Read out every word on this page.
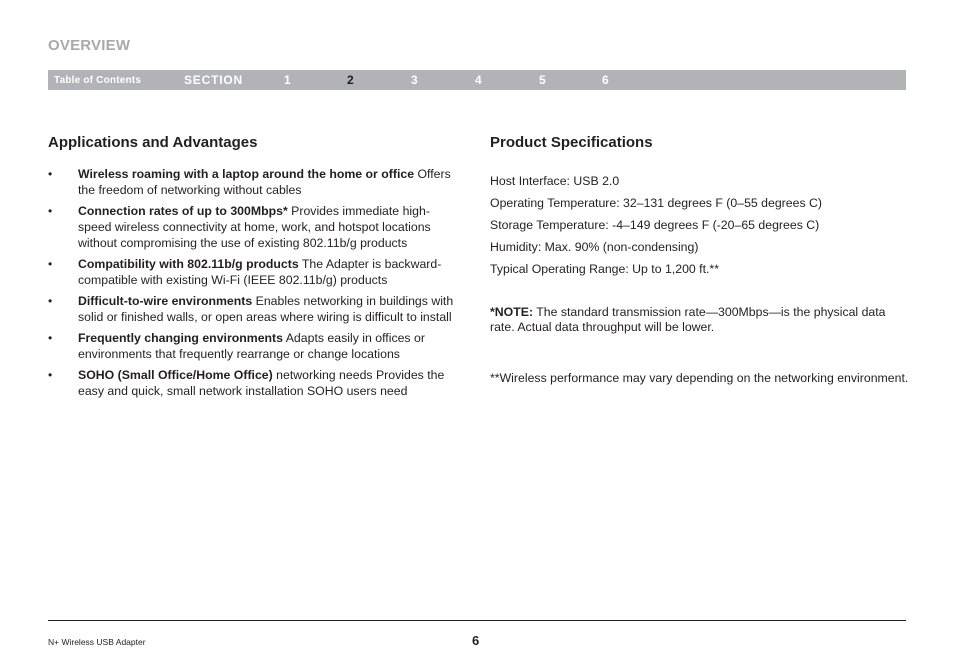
OVERVIEW
Table of Contents	SECTION	1	2	3	4	5	6
Applications and Advantages
• Wireless roaming with a laptop around the home or office Offers the freedom of networking without cables
• Connection rates of up to 300Mbps* Provides immediate high-speed wireless connectivity at home, work, and hotspot locations without compromising the use of existing 802.11b/g products
• Compatibility with 802.11b/g products The Adapter is backward-compatible with existing Wi-Fi (IEEE 802.11b/g) products
• Difficult-to-wire environments Enables networking in buildings with solid or finished walls, or open areas where wiring is difficult to install
• Frequently changing environments Adapts easily in offices or environments that frequently rearrange or change locations
• SOHO (Small Office/Home Office) networking needs Provides the easy and quick, small network installation SOHO users need
Product Specifications
Host Interface: USB 2.0
Operating Temperature: 32–131 degrees F (0–55 degrees C)
Storage Temperature: -4–149 degrees F (-20–65 degrees C)
Humidity: Max. 90% (non-condensing)
Typical Operating Range: Up to 1,200 ft.**
*NOTE: The standard transmission rate—300Mbps—is the physical data rate. Actual data throughput will be lower.
**Wireless performance may vary depending on the networking environment.
N+ Wireless USB Adapter	6
